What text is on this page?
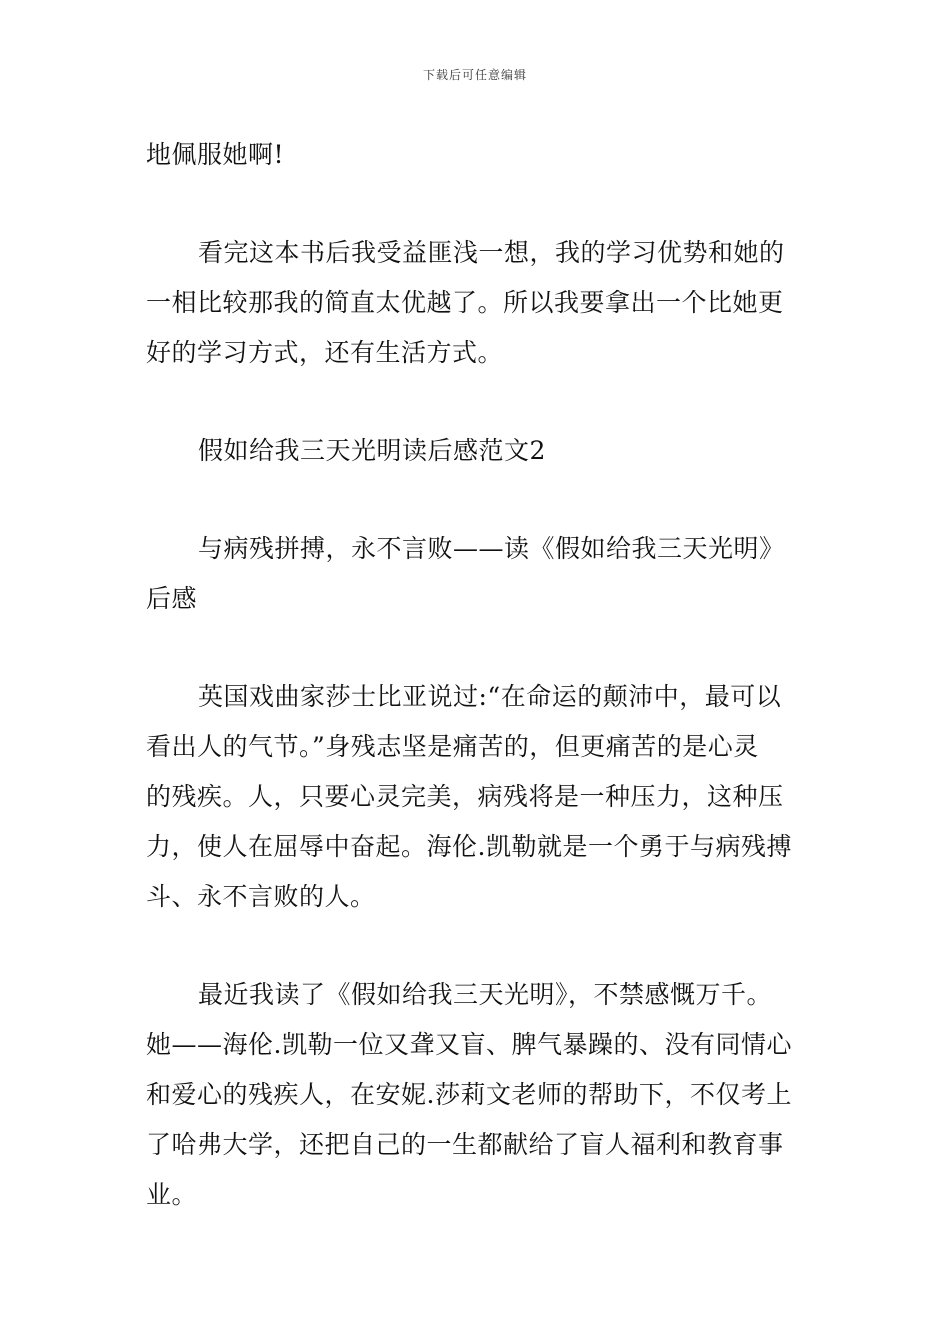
下载后可任意编辑
地佩服她啊!
看完这本书后我受益匪浅一想，我的学习优势和她的
一相比较那我的简直太优越了。所以我要拿出一个比她更
好的学习方式，还有生活方式。
假如给我三天光明读后感范文2
与病残拼搏，永不言败——读《假如给我三天光明》
后感
英国戏曲家莎士比亚说过:“在命运的颠沛中，最可以
看出人的气节。”身残志坚是痛苦的，但更痛苦的是心灵
的残疾。人，只要心灵完美，病残将是一种压力，这种压
力，使人在屈辱中奋起。海伦.凯勒就是一个勇于与病残搏
斗、永不言败的人。
最近我读了《假如给我三天光明》，不禁感慨万千。
她——海伦.凯勒一位又聋又盲、脾气暴躁的、没有同情心
和爱心的残疾人，在安妮.莎莉文老师的帮助下，不仅考上
了哈弗大学，还把自己的一生都献给了盲人福利和教育事
业。
